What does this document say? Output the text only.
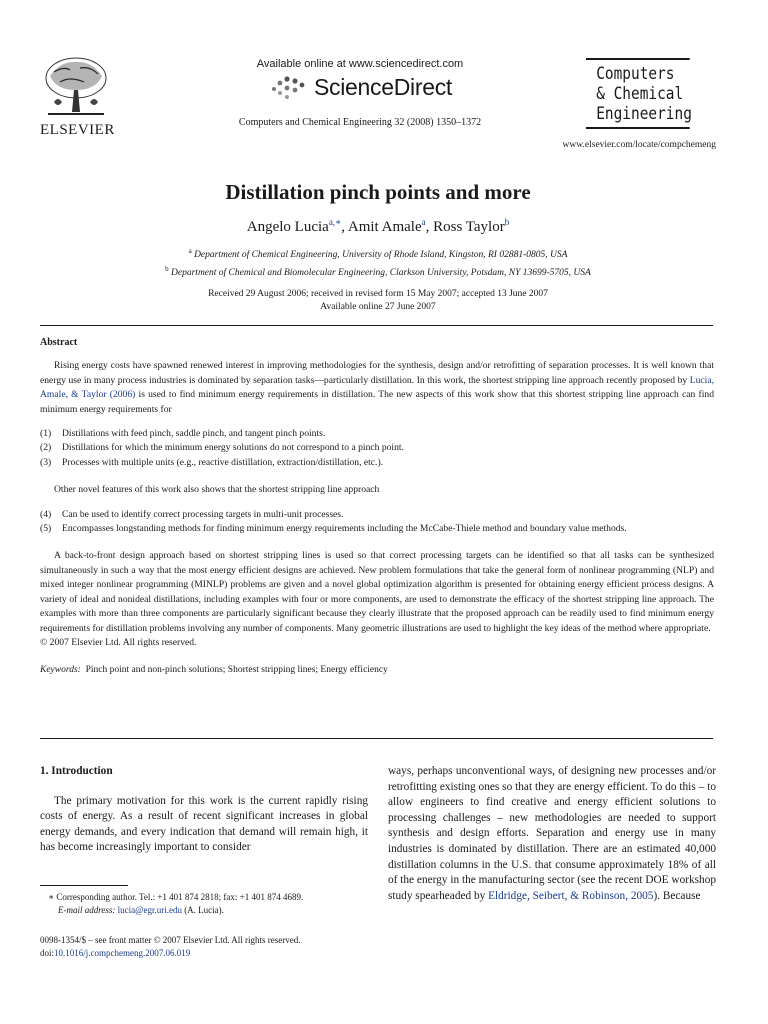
ELSEVIER
Available online at www.sciencedirect.com
ScienceDirect
Computers and Chemical Engineering 32 (2008) 1350–1372
Computers
& Chemical
Engineering
www.elsevier.com/locate/compchemeng
Distillation pinch points and more
Angelo Lucia$^{a,∗}$, Amit Amale$^a$, Ross Taylor$^b$
$^a$ Department of Chemical Engineering, University of Rhode Island, Kingston, RI 02881-0805, USA
$^b$ Department of Chemical and Biomolecular Engineering, Clarkson University, Potsdam, NY 13699-5705, USA
Received 29 August 2006; received in revised form 15 May 2007; accepted 13 June 2007
Available online 27 June 2007
Abstract

Rising energy costs have spawned renewed interest in improving methodologies for the synthesis, design and/or retrofitting of separation processes. It is well known that energy use in many process industries is dominated by separation tasks—particularly distillation. In this work, the shortest stripping line approach recently proposed by Lucia, Amale, & Taylor (2006) is used to find minimum energy requirements in distillation. The new aspects of this work show that this shortest stripping line approach can find minimum energy requirements for

(1)	Distillations with feed pinch, saddle pinch, and tangent pinch points.
(2)	Distillations for which the minimum energy solutions do not correspond to a pinch point.
(3)	Processes with multiple units (e.g., reactive distillation, extraction/distillation, etc.).

Other novel features of this work also shows that the shortest stripping line approach

(4)	Can be used to identify correct processing targets in multi-unit processes.
(5)	Encompasses longstanding methods for finding minimum energy requirements including the McCabe-Thiele method and boundary value methods.

A back-to-front design approach based on shortest stripping lines is used so that correct processing targets can be identified so that all tasks can be synthesized simultaneously in such a way that the most energy efficient designs are achieved. New problem formulations that take the general form of nonlinear programming (NLP) and mixed integer nonlinear programming (MINLP) problems are given and a novel global optimization algorithm is presented for obtaining energy efficient process designs. A variety of ideal and nonideal distillations, including examples with four or more components, are used to demonstrate the efficacy of the shortest stripping line approach. The examples with more than three components are particularly significant because they clearly illustrate that the proposed approach can be readily used to find minimum energy requirements for distillation problems involving any number of components. Many geometric illustrations are used to highlight the key ideas of the method where appropriate.

© 2007 Elsevier Ltd. All rights reserved.

Keywords: Pinch point and non-pinch solutions; Shortest stripping lines; Energy efficiency
1. Introduction

The primary motivation for this work is the current rapidly rising costs of energy. As a result of recent significant increases in global energy demands, and every indication that demand will remain high, it has become increasingly important to consider

ways, perhaps unconventional ways, of designing new processes and/or retrofitting existing ones so that they are energy efficient. To do this – to allow engineers to find creative and energy efficient solutions to processing challenges – new methodologies are needed to support synthesis and design efforts. Separation and energy use in many industries is dominated by distillation. There are an estimated 40,000 distillation columns in the U.S. that consume approximately 18% of all of the energy in the manufacturing sector (see the recent DOE workshop study spearheaded by Eldridge, Seibert, & Robinson, 2005). Because

∗ Corresponding author. Tel.: +1 401 874 2818; fax: +1 401 874 4689.
E-mail address: lucia@egr.uri.edu (A. Lucia).
0098-1354/$ – see front matter © 2007 Elsevier Ltd. All rights reserved.
doi:10.1016/j.compchemeng.2007.06.019
